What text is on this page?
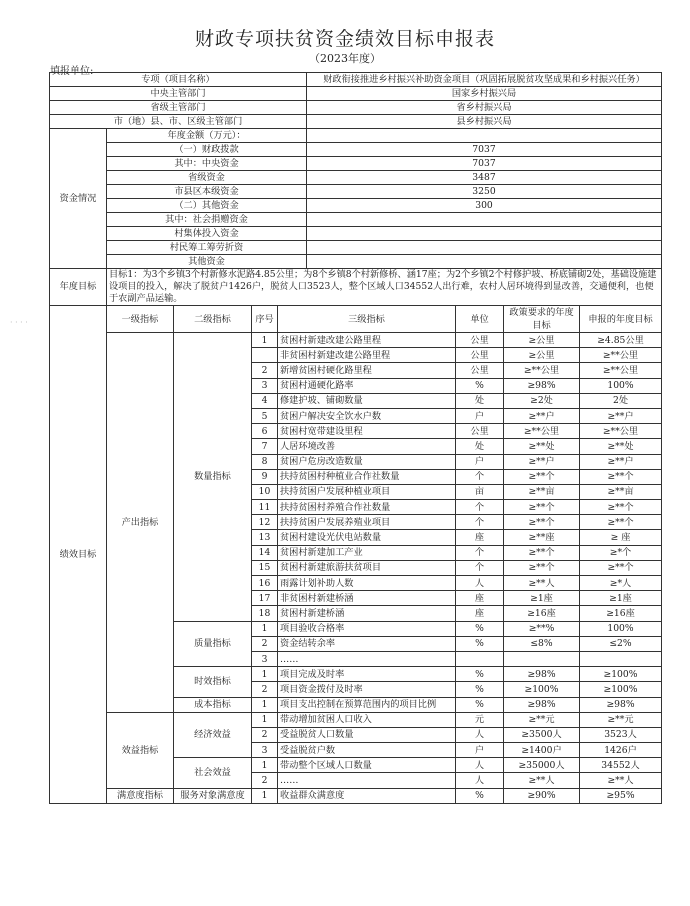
财政专项扶贫资金绩效目标申报表
（2023年度）
填报单位:
· · · ·
专项（项目名称）		财政衔接推进乡村振兴补助资金项目（巩固拓展脱贫攻坚成果和乡村振兴任务）
中央主管部门		国家乡村振兴局
省级主管部门		省乡村振兴局
市（地）县、市、区级主管部门		县乡村振兴局
资金情况	年度金额（万元）：	
	（一）财政拨款	7037
	其中：中央资金	7037
	省级资金	3487
	市县区本级资金	3250
	（二）其他资金	300
	其中：社会捐赠资金	
	村集体投入资金	
	村民筹工筹劳折资	
	其他资金	
年度目标	目标1：为3个乡镇3个村新修水泥路4.85公里；为8个乡镇8个村新修桥、涵17座；为2个乡镇2个村修护坡、桥底铺砌2处，基础设施建设项目的投入，解决了脱贫户1426户，脱贫人口3523人，整个区域人口34552人出行难，农村人居环境得到显改善，交通便利，也便于农副产品运输。	
绩效目标	一级指标	二级指标	序号	三级指标	单位	政策要求的年度目标	申报的年度目标
	产出指标	数量指标	1	贫困村新建改建公路里程	公里	≥公里	≥4.85公里
				非贫困村新建改建公路里程	公里	≥公里	≥**公里
			2	新增贫困村硬化路里程	公里	≥**公里	≥**公里
			3	贫困村通硬化路率	%	≥98%	100%
			4	修建护坡、铺砌数量	处	≥2处	2处
			5	贫困户解决安全饮水户数	户	≥**户	≥**户
			6	贫困村宽带建设里程	公里	≥**公里	≥**公里
			7	人居环境改善	处	≥**处	≥**处
			8	贫困户危房改造数量	户	≥**户	≥**户
			9	扶持贫困村种植业合作社数量	个	≥**个	≥**个
			10	扶持贫困户发展种植业项目	亩	≥**亩	≥**亩
			11	扶持贫困村养殖合作社数量	个	≥**个	≥**个
			12	扶持贫困户发展养殖业项目	个	≥**个	≥**个
			13	贫困村建设光伏电站数量	座	≥**座	≥ 座
			14	贫困村新建加工产业	个	≥**个	≥*个
			15	贫困村新建旅游扶贫项目	个	≥**个	≥**个
			16	雨露计划补助人数	人	≥**人	≥*人
			17	非贫困村新建桥涵	座	≥1座	≥1座
			18	贫困村新建桥涵	座	≥16座	≥16座
		质量指标	1	项目验收合格率	%	≥**%	100%
			2	资金结转余率	%	≤8%	≤2%
			3	……			
		时效指标	1	项目完成及时率	%	≥98%	≥100%
			2	项目资金拨付及时率	%	≥100%	≥100%
		成本指标	1	项目支出控制在预算范围内的项目比例	%	≥98%	≥98%
	效益指标	经济效益	1	带动增加贫困人口收入	元	≥**元	≥**元
			2	受益脱贫人口数量	人	≥3500人	3523人
			3	受益脱贫户数	户	≥1400户	1426户
		社会效益	1	带动整个区域人口数量	人	≥35000人	34552人
			2	……	人	≥**人	≥**人
	满意度指标	服务对象满意度	1	收益群众满意度	%	≥90%	≥95%
